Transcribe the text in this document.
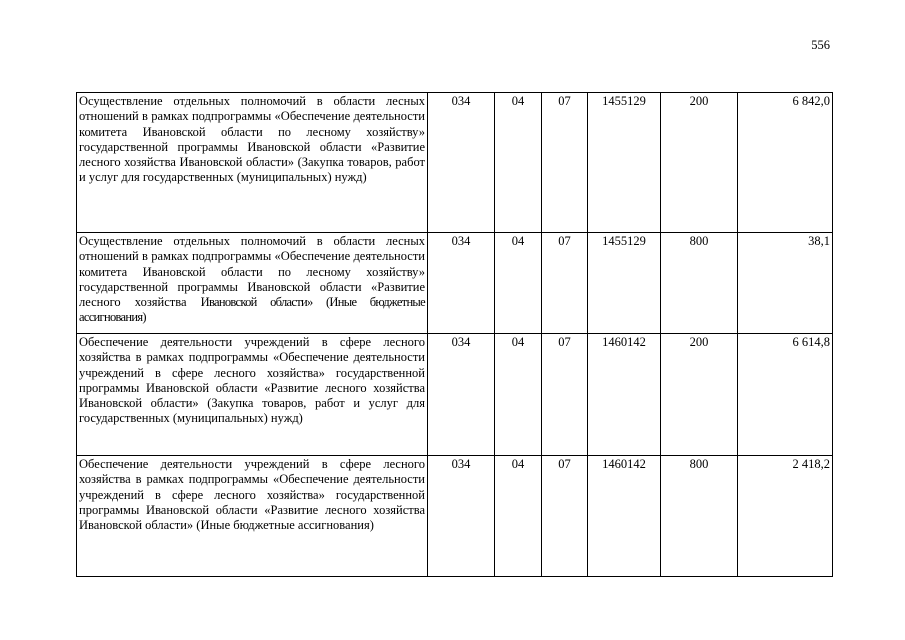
556
Осуществление отдельных полномочий в области лесных отношений в рамках подпрограммы «Обеспечение деятельности комитета Ивановской области по лесному хозяйству» государственной программы Ивановской области «Развитие лесного хозяйства Ивановской области» (Закупка товаров, работ и услуг для государственных (муниципальных) нужд)	034	04	07	1455129	200	6 842,0
Осуществление отдельных полномочий в области лесных отношений в рамках подпрограммы «Обеспечение деятельности комитета Ивановской области по лесному хозяйству» государственной программы Ивановской области «Развитие лесного хозяйства Ивановской области» (Иные бюджетные ассигнования)	034	04	07	1455129	800	38,1
Обеспечение деятельности учреждений в сфере лесного хозяйства в рамках подпрограммы «Обеспечение деятельности учреждений в сфере лесного хозяйства» государственной программы Ивановской области «Развитие лесного хозяйства Ивановской области» (Закупка товаров, работ и услуг для государственных (муниципальных) нужд)	034	04	07	1460142	200	6 614,8
Обеспечение деятельности учреждений в сфере лесного хозяйства в рамках подпрограммы «Обеспечение деятельности учреждений в сфере лесного хозяйства» государственной программы Ивановской области «Развитие лесного хозяйства Ивановской области» (Иные бюджетные ассигнования)	034	04	07	1460142	800	2 418,2
